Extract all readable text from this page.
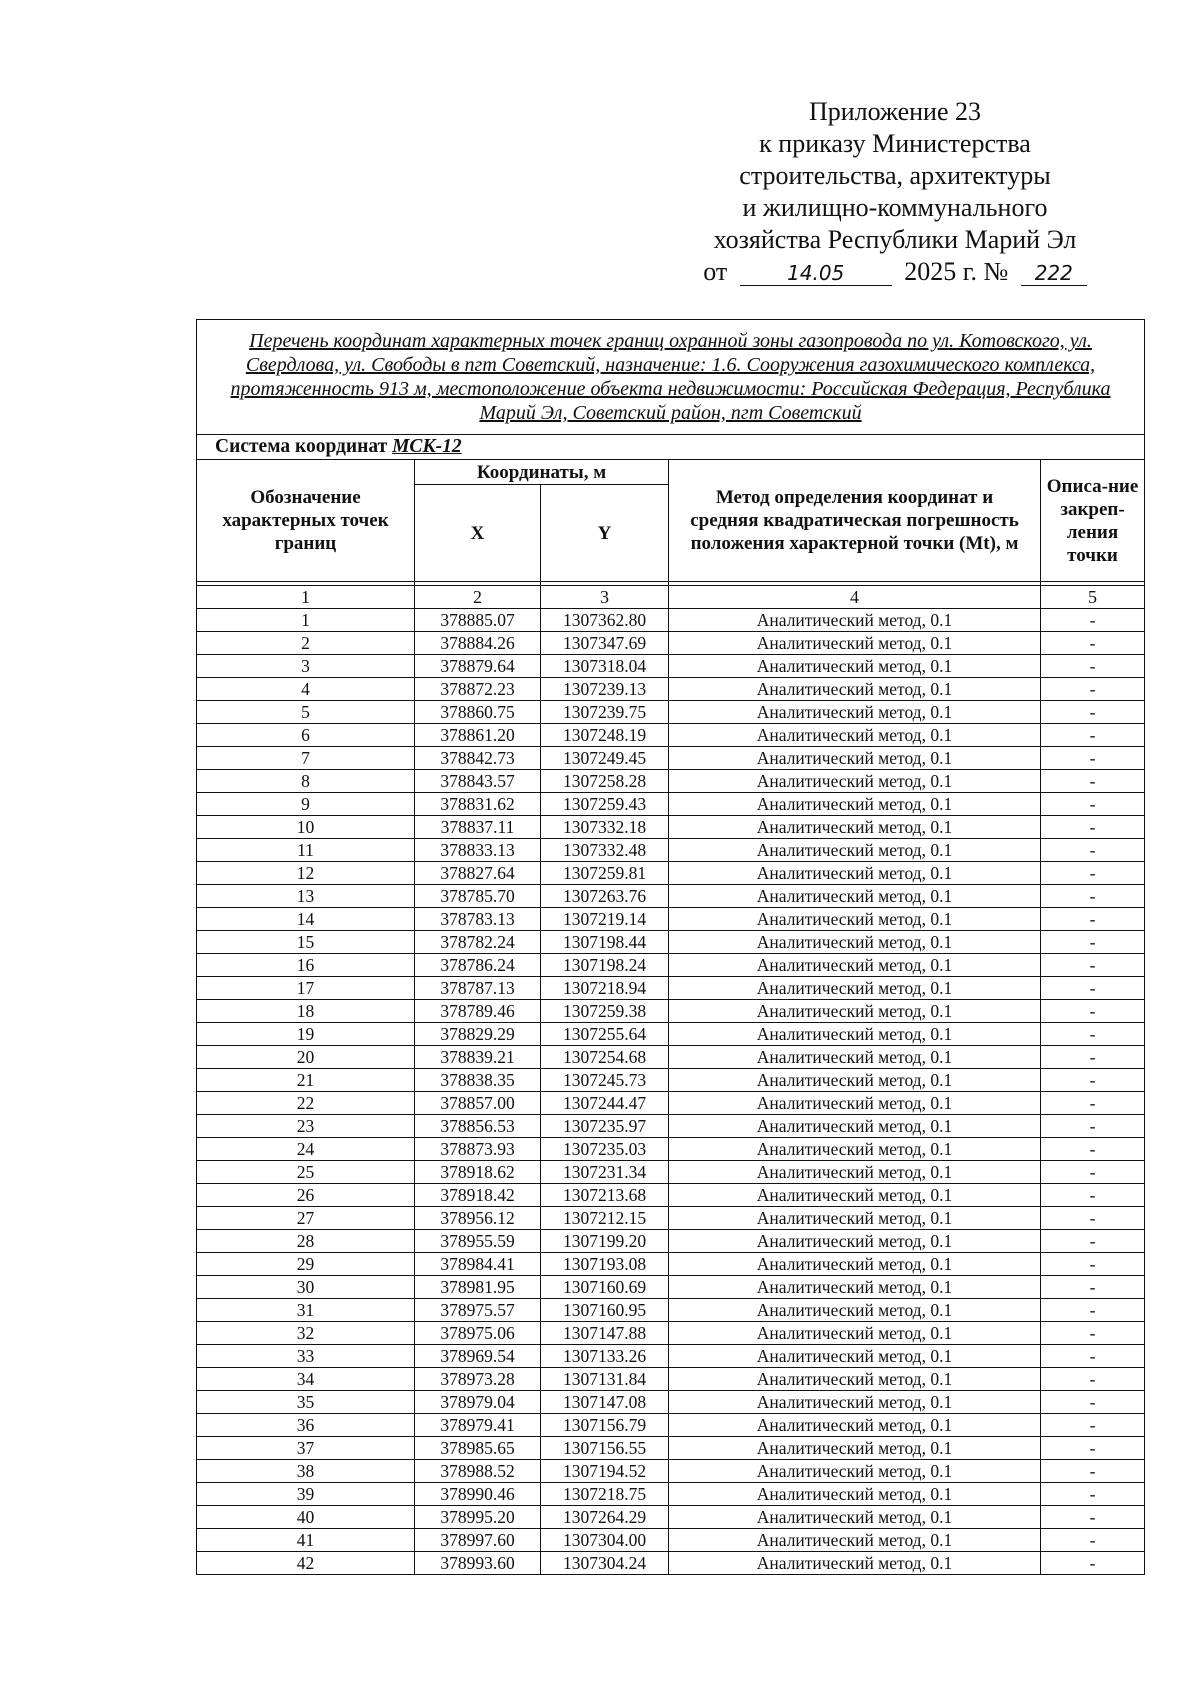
Приложение 23
к приказу Министерства
строительства, архитектуры
и жилищно-коммунального
хозяйства Республики Марий Эл
от	14.05 2025 г. № 222
Перечень координат характерных точек границ охранной зоны газопровода по ул. Котовского, ул. Свердлова, ул. Свободы в пгт Советский, назначение: 1.6. Сооружения газохимического комплекса, протяженность 913 м, местоположение объекта недвижимости: Российская Федерация, Республика Марий Эл, Советский район, пгт Советский				
Система координат МСК-12				
Обозначение характерных точек границ	Координаты, м		Метод определения координат и средняя квадратическая погрешность положения характерной точки (Mt), м	Описа-ние закреп-ления точки
	X	Y		

1	2	3	4	5
1	378885.07	1307362.80	Аналитический метод, 0.1	-
2	378884.26	1307347.69	Аналитический метод, 0.1	-
3	378879.64	1307318.04	Аналитический метод, 0.1	-
4	378872.23	1307239.13	Аналитический метод, 0.1	-
5	378860.75	1307239.75	Аналитический метод, 0.1	-
6	378861.20	1307248.19	Аналитический метод, 0.1	-
7	378842.73	1307249.45	Аналитический метод, 0.1	-
8	378843.57	1307258.28	Аналитический метод, 0.1	-
9	378831.62	1307259.43	Аналитический метод, 0.1	-
10	378837.11	1307332.18	Аналитический метод, 0.1	-
11	378833.13	1307332.48	Аналитический метод, 0.1	-
12	378827.64	1307259.81	Аналитический метод, 0.1	-
13	378785.70	1307263.76	Аналитический метод, 0.1	-
14	378783.13	1307219.14	Аналитический метод, 0.1	-
15	378782.24	1307198.44	Аналитический метод, 0.1	-
16	378786.24	1307198.24	Аналитический метод, 0.1	-
17	378787.13	1307218.94	Аналитический метод, 0.1	-
18	378789.46	1307259.38	Аналитический метод, 0.1	-
19	378829.29	1307255.64	Аналитический метод, 0.1	-
20	378839.21	1307254.68	Аналитический метод, 0.1	-
21	378838.35	1307245.73	Аналитический метод, 0.1	-
22	378857.00	1307244.47	Аналитический метод, 0.1	-
23	378856.53	1307235.97	Аналитический метод, 0.1	-
24	378873.93	1307235.03	Аналитический метод, 0.1	-
25	378918.62	1307231.34	Аналитический метод, 0.1	-
26	378918.42	1307213.68	Аналитический метод, 0.1	-
27	378956.12	1307212.15	Аналитический метод, 0.1	-
28	378955.59	1307199.20	Аналитический метод, 0.1	-
29	378984.41	1307193.08	Аналитический метод, 0.1	-
30	378981.95	1307160.69	Аналитический метод, 0.1	-
31	378975.57	1307160.95	Аналитический метод, 0.1	-
32	378975.06	1307147.88	Аналитический метод, 0.1	-
33	378969.54	1307133.26	Аналитический метод, 0.1	-
34	378973.28	1307131.84	Аналитический метод, 0.1	-
35	378979.04	1307147.08	Аналитический метод, 0.1	-
36	378979.41	1307156.79	Аналитический метод, 0.1	-
37	378985.65	1307156.55	Аналитический метод, 0.1	-
38	378988.52	1307194.52	Аналитический метод, 0.1	-
39	378990.46	1307218.75	Аналитический метод, 0.1	-
40	378995.20	1307264.29	Аналитический метод, 0.1	-
41	378997.60	1307304.00	Аналитический метод, 0.1	-
42	378993.60	1307304.24	Аналитический метод, 0.1	-
